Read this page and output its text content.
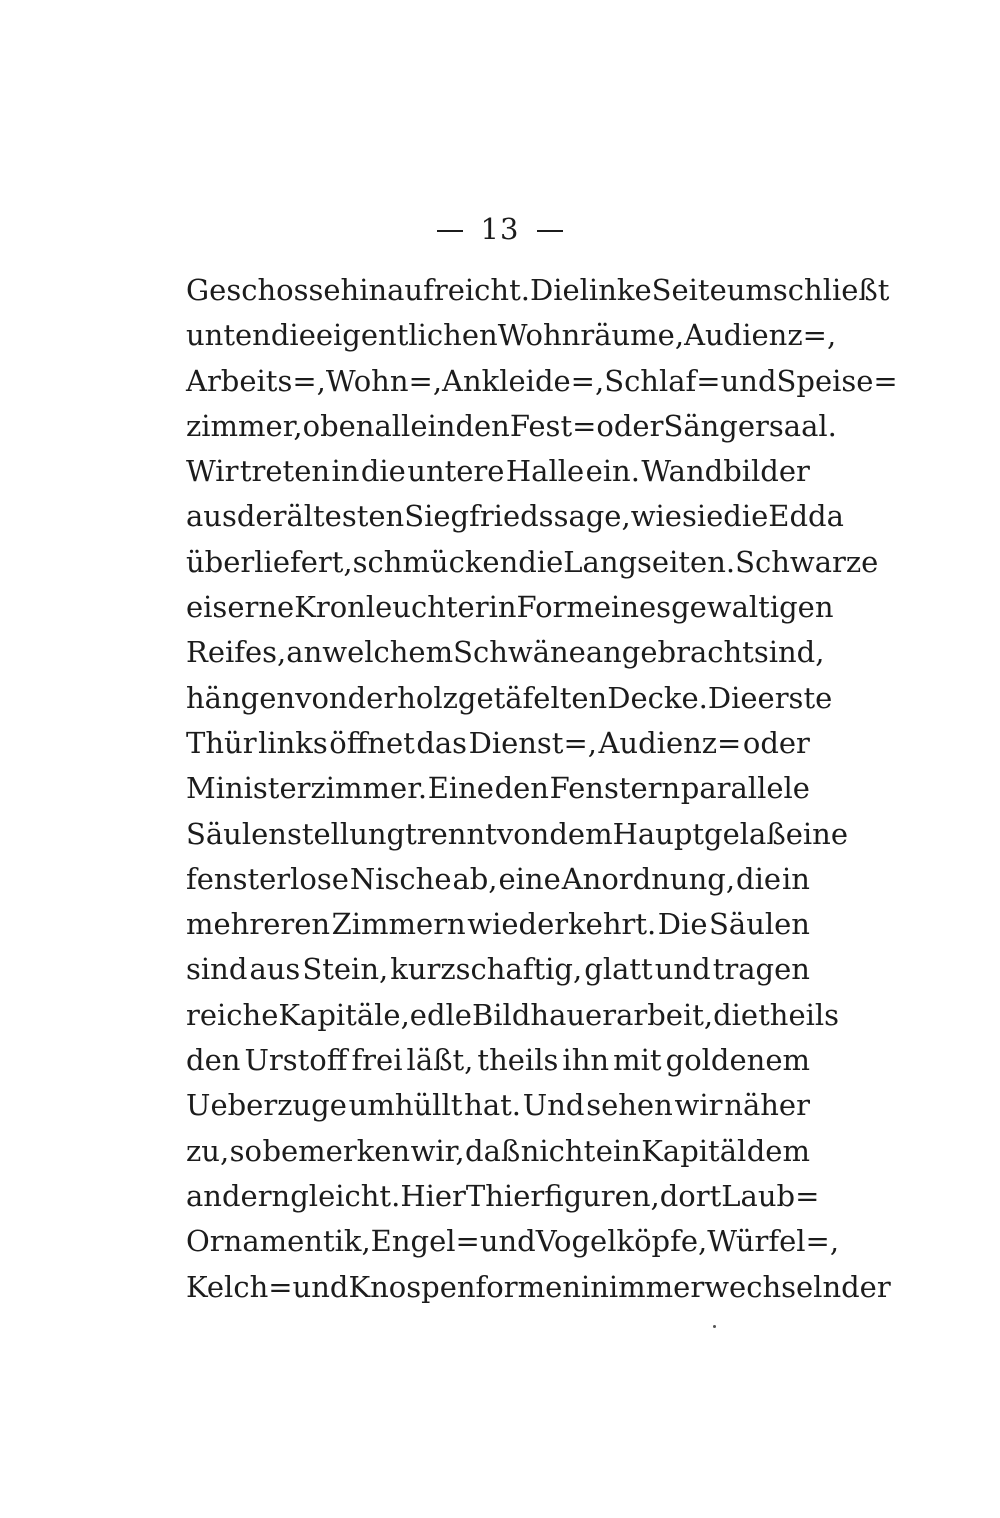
13
Geschosse hinaufreicht. Die linke Seite umschließt
unten die eigentlichen Wohnräume, Audienz=,
Arbeits=, Wohn=, Ankleide=, Schlaf= und Speise=
zimmer, oben allein den Fest= oder Sängersaal.
Wir treten in die untere Halle ein. Wandbilder
aus der ältesten Siegfriedssage, wie sie die Edda
überliefert, schmücken die Langseiten. Schwarze
eiserne Kronleuchter in Form eines gewaltigen
Reifes, an welchem Schwäne angebracht sind,
hängen von der holzgetäfelten Decke. Die erste
Thür links öffnet das Dienst=, Audienz= oder
Ministerzimmer. Eine den Fenstern parallele
Säulenstellung trennt von dem Hauptgelaß eine
fensterlose Nische ab, eine Anordnung, die in
mehreren Zimmern wiederkehrt. Die Säulen
sind aus Stein, kurzschaftig, glatt und tragen
reiche Kapitäle, edle Bildhauerarbeit, die theils
den Urstoff frei läßt, theils ihn mit goldenem
Ueberzuge umhüllt hat. Und sehen wir näher
zu, so bemerken wir, daß nicht ein Kapitäl dem
andern gleicht. Hier Thierfiguren, dort Laub=
Ornamentik, Engel= und Vogelköpfe, Würfel=,
Kelch= und Knospenformen in immer wechselnder
